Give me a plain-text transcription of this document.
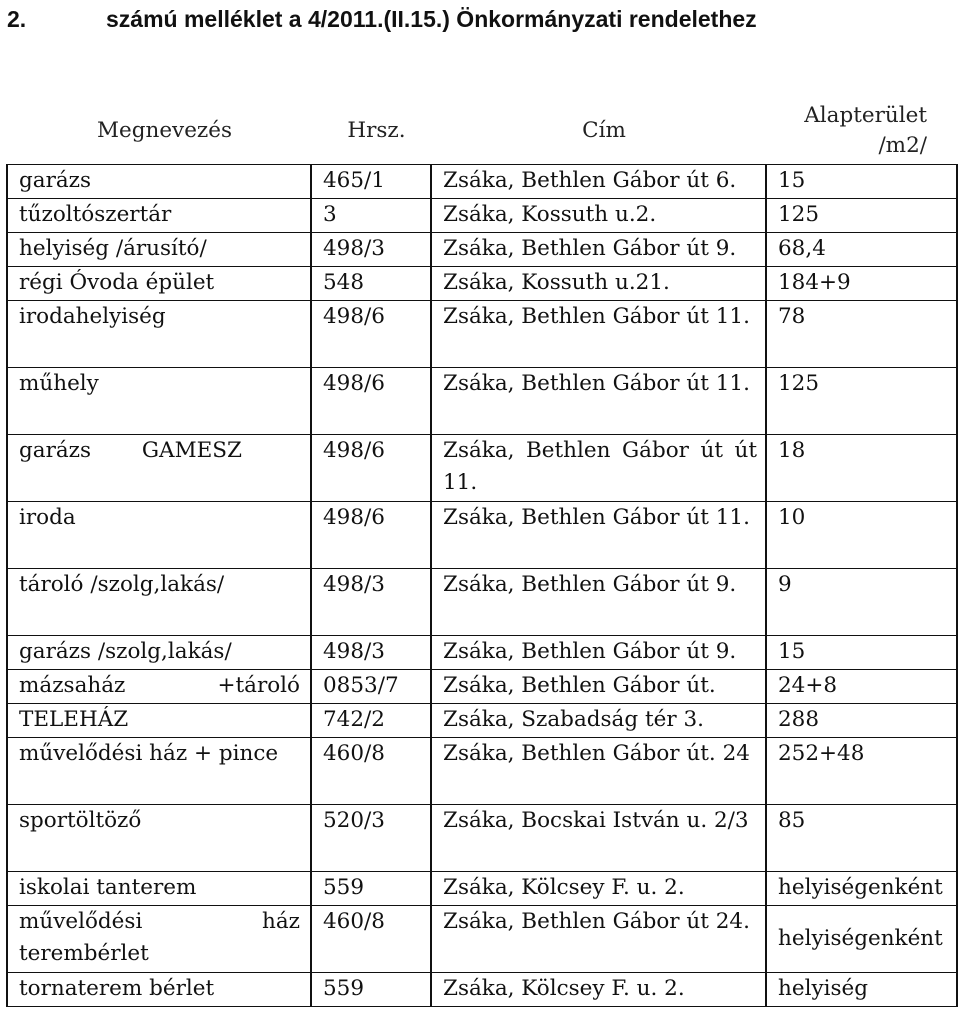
2.	számú melléklet a 4/2011.(II.15.) Önkormányzati rendelethez
Megnevezés	Hrsz.	Cím	Alapterület /m2/
garázs	465/1	Zsáka, Bethlen Gábor út 6.	15
tűzoltószertár	3	Zsáka, Kossuth u.2.	125
helyiség /árusító/	498/3	Zsáka, Bethlen Gábor út 9.	68,4
régi Óvoda épület	548	Zsáka, Kossuth u.21.	184+9
irodahelyiség	498/6	Zsáka, Bethlen Gábor út 11.	78
műhely	498/6	Zsáka, Bethlen Gábor út 11.	125
garázs GAMESZ	498/6	Zsáka, Bethlen Gábor út út 11.	18
iroda	498/6	Zsáka, Bethlen Gábor út 11.	10
tároló /szolg,lakás/	498/3	Zsáka, Bethlen Gábor út 9.	9
garázs /szolg,lakás/	498/3	Zsáka, Bethlen Gábor út 9.	15
mázsaház +tároló	0853/7	Zsáka, Bethlen Gábor út.	24+8
TELEHÁZ	742/2	Zsáka, Szabadság tér 3.	288
művelődési ház + pince	460/8	Zsáka, Bethlen Gábor út. 24	252+48
sportöltöző	520/3	Zsáka, Bocskai István u. 2/3	85
iskolai tanterem	559	Zsáka, Kölcsey F. u. 2.	helyiségenként
művelődési ház terembérlet	460/8	Zsáka, Bethlen Gábor út 24.	helyiségenként
tornaterem bérlet	559	Zsáka, Kölcsey F. u. 2.	helyiség
